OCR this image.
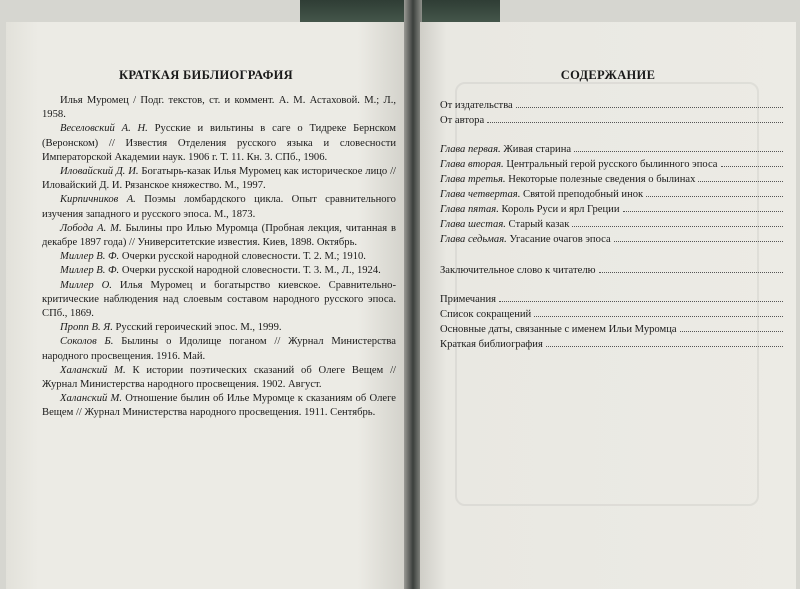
КРАТКАЯ БИБЛИОГРАФИЯ

Илья Муромец / Подг. текстов, ст. и коммент. А. М. Астаховой. М.; Л., 1958.

Веселовский А. Н. Русские и вильтины в саге о Тидреке Бернском (Веронском) // Известия Отделения русского языка и словесности Императорской Академии наук. 1906 г. Т. 11. Кн. 3. СПб., 1906.

Иловайский Д. И. Богатырь-казак Илья Муромец как историческое лицо // Иловайский Д. И. Рязанское княжество. М., 1997.

Кирпичников А. Поэмы ломбардского цикла. Опыт сравнительного изучения западного и русского эпоса. М., 1873.

Лобода А. М. Былины про Илью Муромца (Пробная лекция, читанная в декабре 1897 года) // Университетские известия. Киев, 1898. Октябрь.

Миллер В. Ф. Очерки русской народной словесности. Т. 2. М.; 1910.

Миллер В. Ф. Очерки русской народной словесности. Т. 3. М., Л., 1924.

Миллер О. Илья Муромец и богатырство киевское. Сравнительно-критические наблюдения над слоевым составом народного русского эпоса. СПб., 1869.

Пропп В. Я. Русский героический эпос. М., 1999.

Соколов Б. Былины о Идолище поганом // Журнал Министерства народного просвещения. 1916. Май.

Халанский М. К истории поэтических сказаний об Олеге Вещем // Журнал Министерства народного просвещения. 1902. Август.

Халанский М. Отношение былин об Илье Муромце к сказаниям об Олеге Вещем // Журнал Министерства народного просвещения. 1911. Сентябрь.

СОДЕРЖАНИЕ
От издательства
От автора
Глава первая. Живая старина
Глава вторая. Центральный герой русского былинного эпоса
Глава третья. Некоторые полезные сведения о былинах
Глава четвертая. Святой преподобный инок
Глава пятая. Король Руси и ярл Греции
Глава шестая. Старый казак
Глава седьмая. Угасание очагов эпоса
Заключительное слово к читателю
Примечания
Список сокращений
Основные даты, связанные с именем Ильи Муромца
Краткая библиография
